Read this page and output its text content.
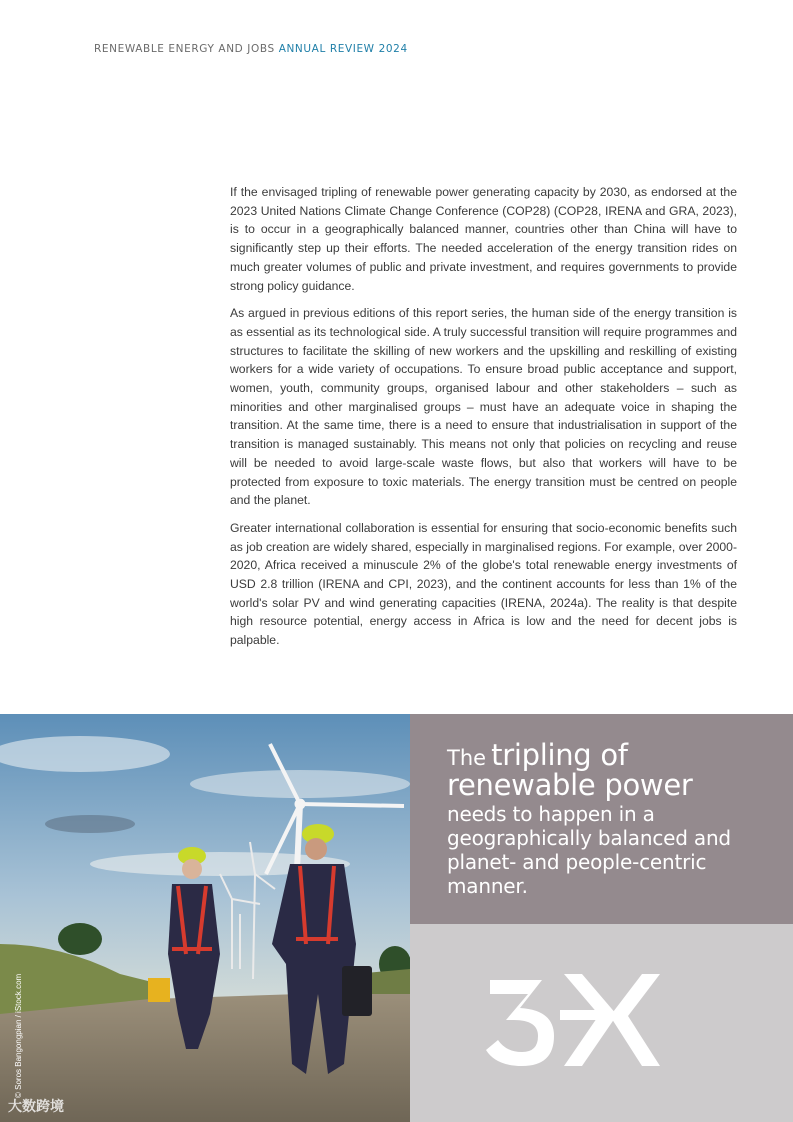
RENEWABLE ENERGY AND JOBS ANNUAL REVIEW 2024

If the envisaged tripling of renewable power generating capacity by 2030, as endorsed at the 2023 United Nations Climate Change Conference (COP28) (COP28, IRENA and GRA, 2023), is to occur in a geographically balanced manner, countries other than China will have to significantly step up their efforts. The needed acceleration of the energy transition rides on much greater volumes of public and private investment, and requires governments to provide strong policy guidance.

As argued in previous editions of this report series, the human side of the energy transition is as essential as its technological side. A truly successful transition will require programmes and structures to facilitate the skilling of new workers and the upskilling and reskilling of existing workers for a wide variety of occupations. To ensure broad public acceptance and support, women, youth, community groups, organised labour and other stakeholders – such as minorities and other marginalised groups – must have an adequate voice in shaping the transition. At the same time, there is a need to ensure that industrialisation in support of the transition is managed sustainably. This means not only that policies on recycling and reuse will be needed to avoid large-scale waste flows, but also that workers will have to be protected from exposure to toxic materials. The energy transition must be centred on people and the planet.

Greater international collaboration is essential for ensuring that socio-economic benefits such as job creation are widely shared, especially in marginalised regions. For example, over 2000-2020, Africa received a minuscule 2% of the globe's total renewable energy investments of USD 2.8 trillion (IRENA and CPI, 2023), and the continent accounts for less than 1% of the world's solar PV and wind generating capacities (IRENA, 2024a). The reality is that despite high resource potential, energy access in Africa is low and the need for decent jobs is palpable.

© Soros Bangongpian / iStock.com
大数跨境
The tripling of
renewable power
needs to happen in a geographically balanced and planet- and people-centric manner.
